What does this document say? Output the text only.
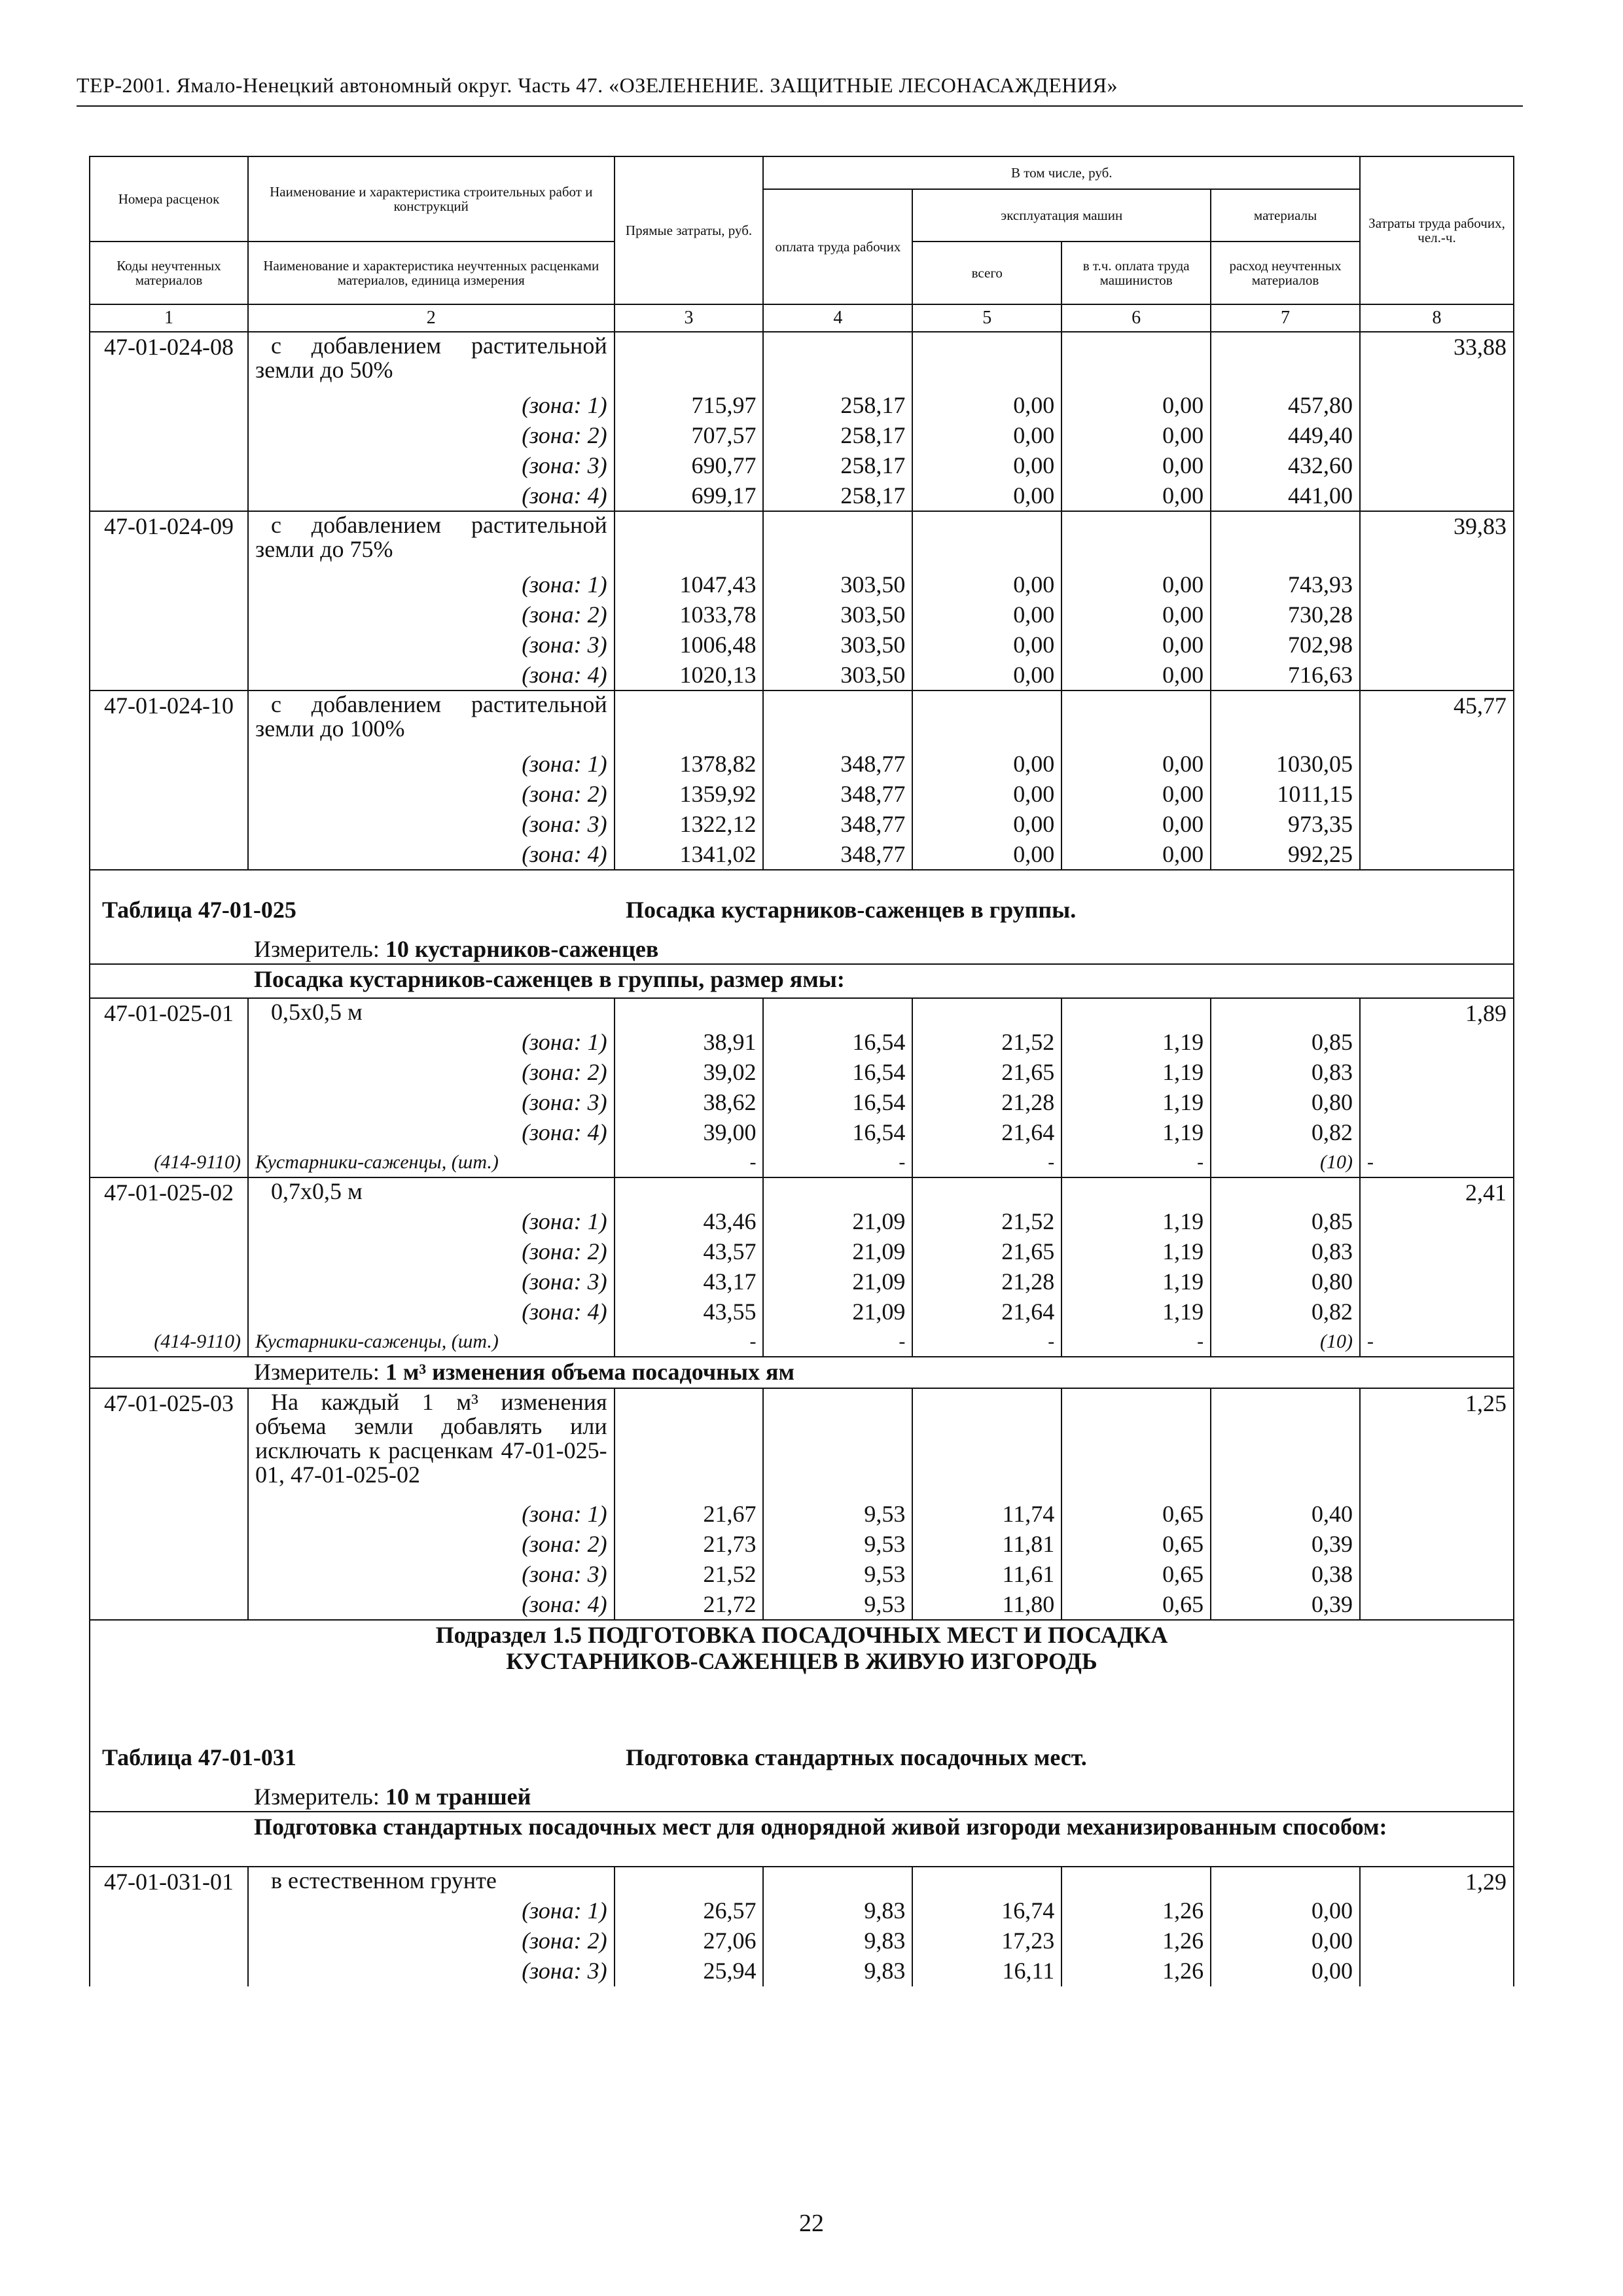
ТЕР-2001. Ямало-Ненецкий автономный округ. Часть 47. «ОЗЕЛЕНЕНИЕ. ЗАЩИТНЫЕ ЛЕСОНАСАЖДЕНИЯ»
Номера расценок	Наименование и характеристика строительных работ и конструкций	Прямые затраты, руб.	В том числе, руб.				Затраты труда рабочих, чел.-ч.
			оплата труда рабочих	эксплуатация машин		материалы	
Коды неучтенных материалов	Наименование и характеристика неучтенных расценками материалов, единица измерения			всего	в т.ч. оплата труда машинистов	расход неучтенных материалов	
1	2	3	4	5	6	7	8
47-01-024-08	с добавлением растительной земли до 50%						33,88
	(зона: 1)	715,97	258,17	0,00	0,00	457,80	
	(зона: 2)	707,57	258,17	0,00	0,00	449,40	
	(зона: 3)	690,77	258,17	0,00	0,00	432,60	
	(зона: 4)	699,17	258,17	0,00	0,00	441,00	
47-01-024-09	с добавлением растительной земли до 75%						39,83
	(зона: 1)	1047,43	303,50	0,00	0,00	743,93	
	(зона: 2)	1033,78	303,50	0,00	0,00	730,28	
	(зона: 3)	1006,48	303,50	0,00	0,00	702,98	
	(зона: 4)	1020,13	303,50	0,00	0,00	716,63	
47-01-024-10	с добавлением растительной земли до 100%						45,77
	(зона: 1)	1378,82	348,77	0,00	0,00	1030,05	
	(зона: 2)	1359,92	348,77	0,00	0,00	1011,15	
	(зона: 3)	1322,12	348,77	0,00	0,00	973,35	
	(зона: 4)	1341,02	348,77	0,00	0,00	992,25	

Таблица 47-01-025 Посадка кустарников-саженцев в группы.							

Измеритель: 10 кустарников-саженцев							
Посадка кустарников-саженцев в группы, размер ямы:							
47-01-025-01	0,5х0,5 м						1,89
	(зона: 1)	38,91	16,54	21,52	1,19	0,85	
	(зона: 2)	39,02	16,54	21,65	1,19	0,83	
	(зона: 3)	38,62	16,54	21,28	1,19	0,80	
	(зона: 4)	39,00	16,54	21,64	1,19	0,82	
(414-9110)	Кустарники-саженцы, (шт.)	-	-	-	-	(10)	-
47-01-025-02	0,7х0,5 м						2,41
	(зона: 1)	43,46	21,09	21,52	1,19	0,85	
	(зона: 2)	43,57	21,09	21,65	1,19	0,83	
	(зона: 3)	43,17	21,09	21,28	1,19	0,80	
	(зона: 4)	43,55	21,09	21,64	1,19	0,82	
(414-9110)	Кустарники-саженцы, (шт.)	-	-	-	-	(10)	-
Измеритель: 1 м³ изменения объема посадочных ям							
47-01-025-03	На каждый 1 м³ изменения объема земли добавлять или исключать к расценкам 47-01-025-01, 47-01-025-02						1,25
	(зона: 1)	21,67	9,53	11,74	0,65	0,40	
	(зона: 2)	21,73	9,53	11,81	0,65	0,39	
	(зона: 3)	21,52	9,53	11,61	0,65	0,38	
	(зона: 4)	21,72	9,53	11,80	0,65	0,39	

Подраздел 1.5 ПОДГОТОВКА ПОСАДОЧНЫХ МЕСТ И ПОСАДКА
КУСТАРНИКОВ-САЖЕНЦЕВ В ЖИВУЮ ИЗГОРОДЬ							

Таблица 47-01-031 Подготовка стандартных посадочных мест.							

Измеритель: 10 м траншей							
Подготовка стандартных посадочных мест для однорядной живой изгороди механизированным способом:							
47-01-031-01	в естественном грунте						1,29
	(зона: 1)	26,57	9,83	16,74	1,26	0,00	
	(зона: 2)	27,06	9,83	17,23	1,26	0,00	
	(зона: 3)	25,94	9,83	16,11	1,26	0,00	
22
